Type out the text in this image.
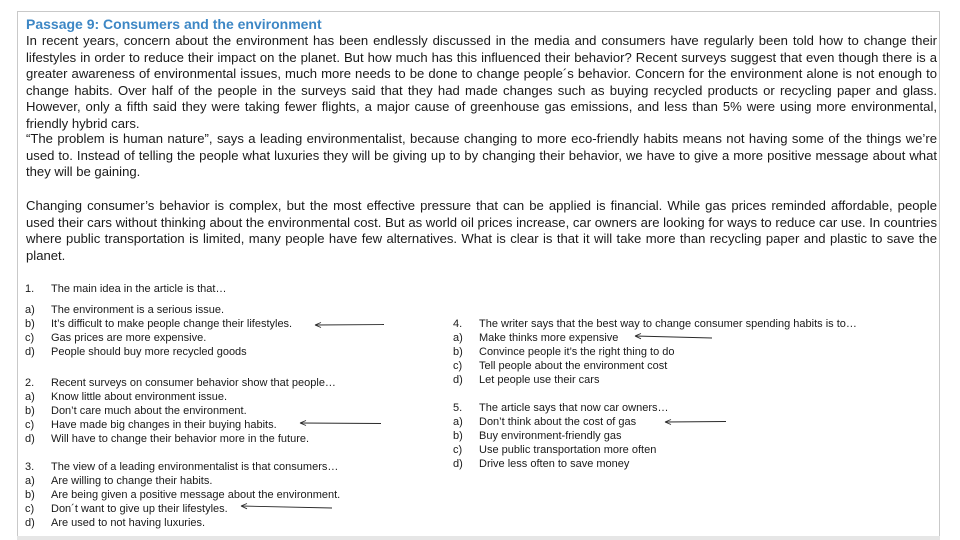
Passage 9: Consumers and the environment

In recent years, concern about the environment has been endlessly discussed in the media and consumers have regularly been told how to change their lifestyles in order to reduce their impact on the planet. But how much has this influenced their behavior? Recent surveys suggest that even though there is a greater awareness of environmental issues, much more needs to be done to change people´s behavior. Concern for the environment alone is not enough to change habits. Over half of the people in the surveys said that they had made changes such as buying recycled products or recycling paper and glass. However, only a fifth said they were taking fewer flights, a major cause of greenhouse gas emissions, and less than 5% were using more environmental, friendly hybrid cars.

“The problem is human nature”, says a leading environmentalist, because changing to more eco-friendly habits means not having some of the things we’re used to. Instead of telling the people what luxuries they will be giving up to by changing their behavior, we have to give a more positive message about what they will be gaining.

Changing consumer’s behavior is complex, but the most effective pressure that can be applied is financial. While gas prices reminded affordable, people used their cars without thinking about the environmental cost. But as world oil prices increase, car owners are looking for ways to reduce car use. In countries where public transportation is limited, many people have few alternatives. What is clear is that it will take more than recycling paper and plastic to save the planet.

1. The main idea in the article is that…
a) The environment is a serious issue.
b) It’s difficult to make people change their lifestyles.
c) Gas prices are more expensive.
d) People should buy more recycled goods
2. Recent surveys on consumer behavior show that people…
a) Know little about environment issue.
b) Don’t care much about the environment.
c) Have made big changes in their buying habits.
d) Will have to change their behavior more in the future.
3. The view of a leading environmentalist is that consumers…
a) Are willing to change their habits.
b) Are being given a positive message about the environment.
c) Don´t want to give up their lifestyles.
d) Are used to not having luxuries.
4. The writer says that the best way to change consumer spending habits is to…
a) Make thinks more expensive
b) Convince people it’s the right thing to do
c) Tell people about the environment cost
d) Let people use their cars
5. The article says that now car owners…
a) Don’t think about the cost of gas
b) Buy environment-friendly gas
c) Use public transportation more often
d) Drive less often to save money
